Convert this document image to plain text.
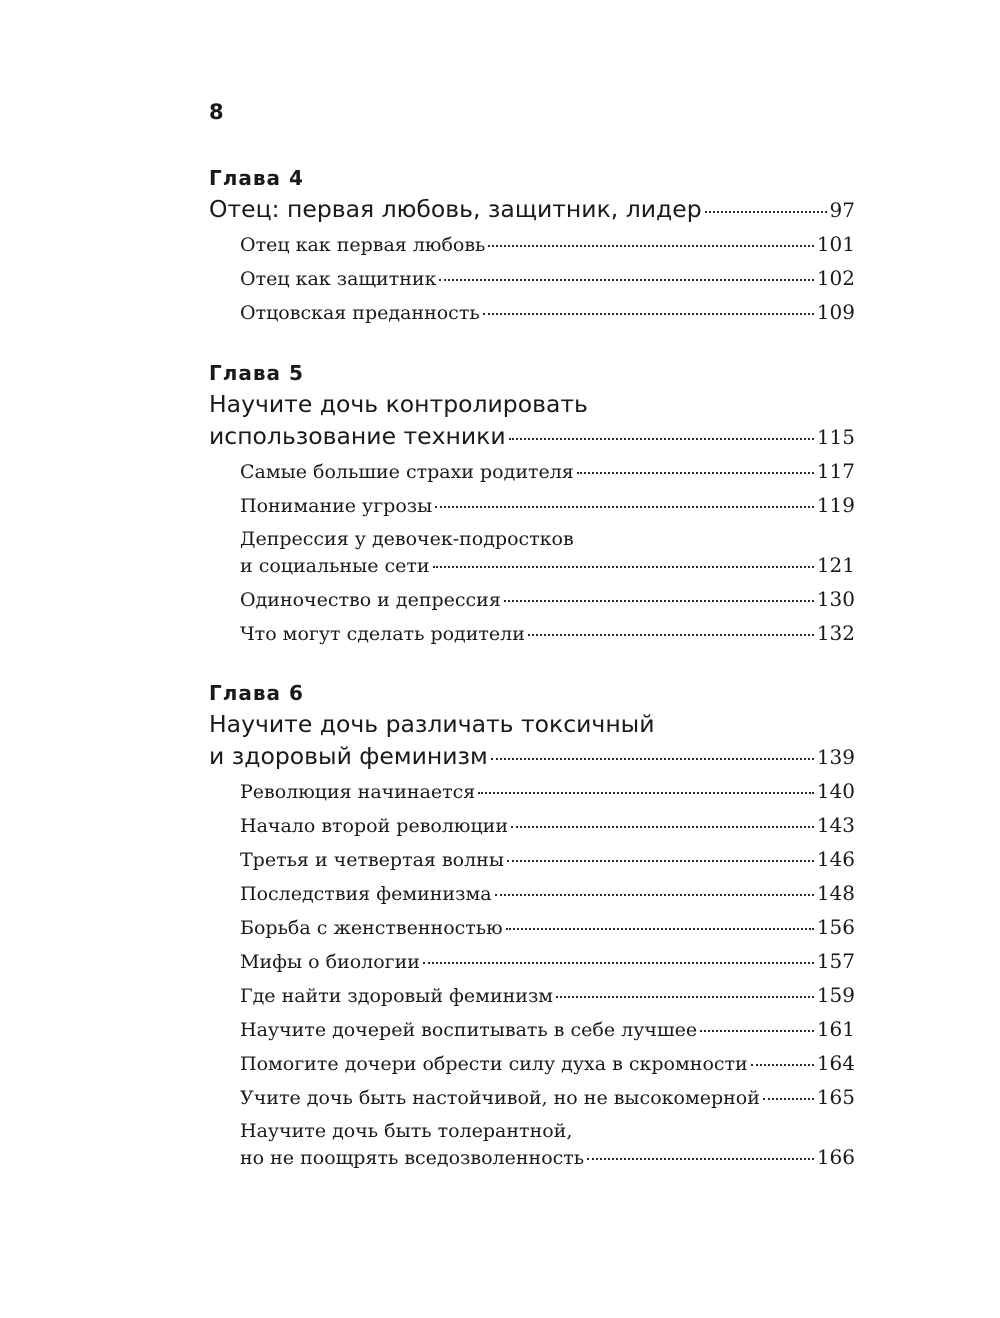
8
Глава 4
Отец: первая любовь, защитник, лидер	97
Отец как первая любовь	101
Отец как защитник	102
Отцовская преданность	109
Глава 5
Научите дочь контролировать
использование техники	115
Самые большие страхи родителя	117
Понимание угрозы	119
Депрессия у девочек-подростков
и социальные сети	121
Одиночество и депрессия	130
Что могут сделать родители	132
Глава 6
Научите дочь различать токсичный
и здоровый феминизм	139
Революция начинается	140
Начало второй революции	143
Третья и четвертая волны	146
Последствия феминизма	148
Борьба с женственностью	156
Мифы о биологии	157
Где найти здоровый феминизм	159
Научите дочерей воспитывать в себе лучшее	161
Помогите дочери обрести силу духа в скромности	164
Учите дочь быть настойчивой, но не высокомерной	165
Научите дочь быть толерантной,
но не поощрять вседозволенность	166
